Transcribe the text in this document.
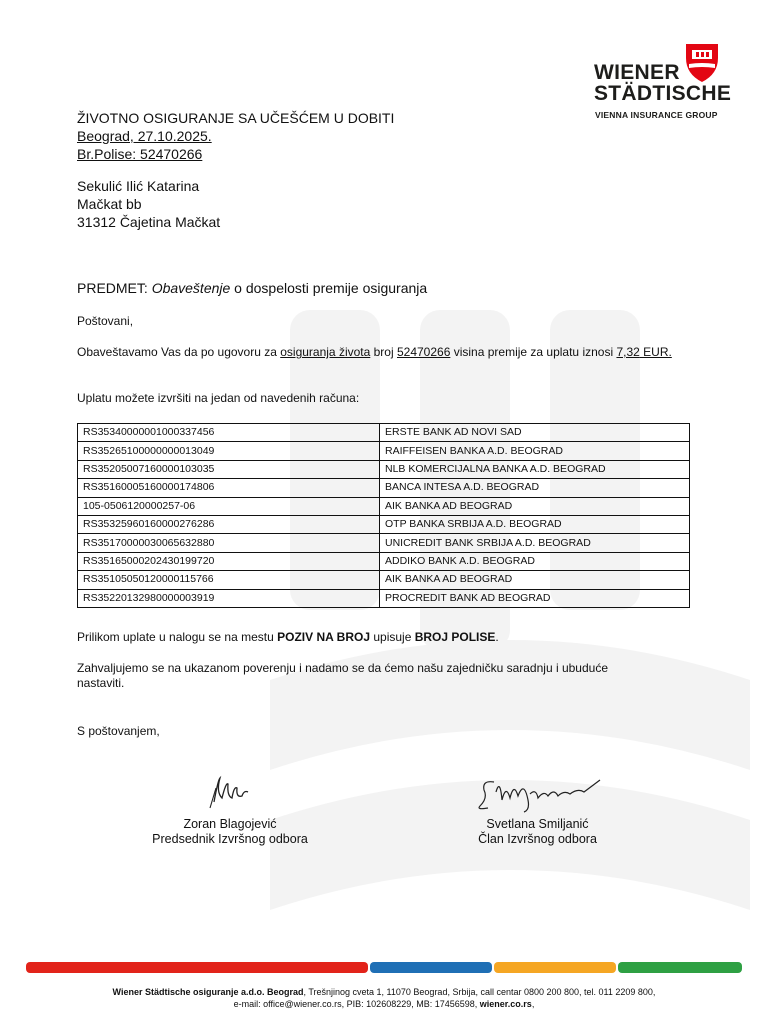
WIENER
STÄDTISCHE
VIENNA INSURANCE GROUP
ŽIVOTNO OSIGURANJE SA UČEŠĆEM U DOBITI
Beograd, 27.10.2025.
Br.Polise: 52470266
Sekulić Ilić Katarina
Mačkat bb
31312 Čajetina Mačkat
PREDMET: Obaveštenje o dospelosti premije osiguranja
Poštovani,
Obaveštavamo Vas da po ugovoru za osiguranja života broj 52470266 visina premije za uplatu iznosi 7,32 EUR.
Uplatu možete izvršiti na jedan od navedenih računa:
RS35340000001000337456	ERSTE BANK AD NOVI SAD
RS35265100000000013049	RAIFFEISEN BANKA A.D. BEOGRAD
RS35205007160000103035	NLB KOMERCIJALNA BANKA A.D. BEOGRAD
RS35160005160000174806	BANCA INTESA A.D. BEOGRAD
105-0506120000257-06	AIK BANKA AD BEOGRAD
RS35325960160000276286	OTP BANKA SRBIJA A.D. BEOGRAD
RS35170000030065632880	UNICREDIT BANK SRBIJA A.D. BEOGRAD
RS35165000202430199720	ADDIKO BANK A.D. BEOGRAD
RS35105050120000115766	AIK BANKA AD BEOGRAD
RS35220132980000003919	PROCREDIT BANK AD BEOGRAD
Prilikom uplate u nalogu se na mestu POZIV NA BROJ upisuje BROJ POLISE.
Zahvaljujemo se na ukazanom poverenju i nadamo se da ćemo našu zajedničku saradnju i ubuduće nastaviti.
S poštovanjem,
Zoran Blagojević
Predsednik Izvršnog odbora
Svetlana Smiljanić
Član Izvršnog odbora
Wiener Städtische osiguranje a.d.o. Beograd, Trešnjinog cveta 1, 11070 Beograd, Srbija, call centar 0800 200 800, tel. 011 2209 800,
e-mail: office@wiener.co.rs, PIB: 102608229, MB: 17456598, wiener.co.rs,
